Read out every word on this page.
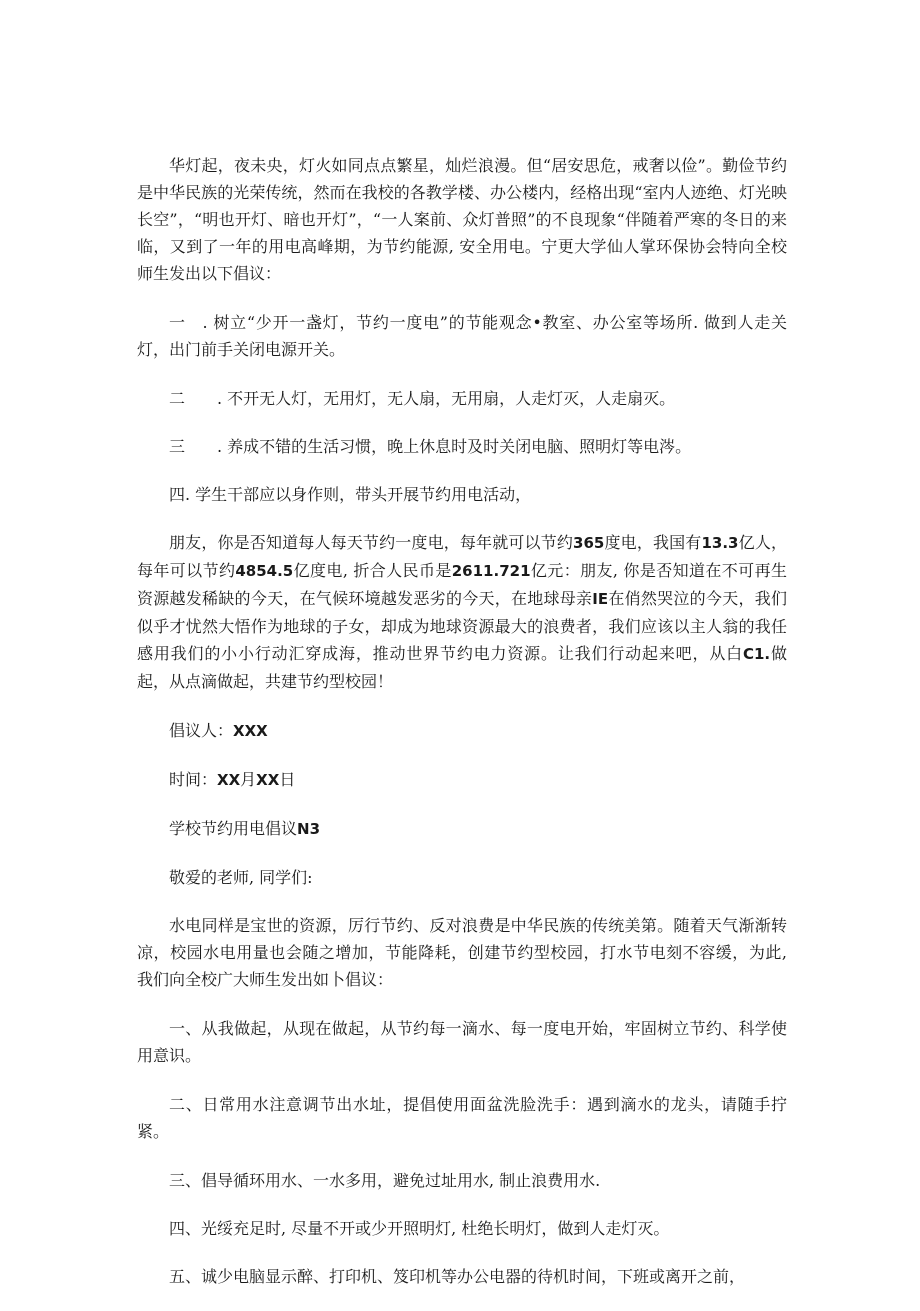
华灯起，夜未央，灯火如同点点繁星，灿烂浪漫。但“居安思危，戒奢以俭”。勤俭节约是中华民族的光荣传统，然而在我校的各教学楼、办公楼内，经格出现“室内人迹绝、灯光映长空”，“明也开灯、暗也开灯”，“一人案前、众灯普照”的不良现象“伴随着严寒的冬日的来临，又到了一年的用电高峰期，为节约能源, 安全用电。宁更大学仙人掌环保协会特向全校师生发出以下倡议：

一　. 树立“少开一盏灯，节约一度电”的节能观念•教室、办公室等场所. 做到人走关灯，出门前手关闭电源开关。

二　　. 不开无人灯，无用灯，无人扇，无用扇，人走灯灭，人走扇灭。

三　　. 养成不错的生活习惯，晚上休息时及时关闭电脑、照明灯等电涔。

四. 学生干部应以身作则，带头开展节约用电活动，

朋友，你是否知道每人每天节约一度电，每年就可以节约365度电，我国有13.3亿人，每年可以节约4854.5亿度电, 折合人民币是2611.721亿元：朋友, 你是否知道在不可再生资源越发稀缺的今天，在气候环境越发恶劣的今天，在地球母亲IE在俏然哭泣的今天，我们似乎才忧然大悟作为地球的子女，却成为地球资源最大的浪费者，我们应该以主人翁的我任感用我们的小小行动汇穿成海，推动世界节约电力资源。让我们行动起来吧，从白C1.做起，从点滴做起，共建节约型校园！

倡议人：XXX

时间：XX月XX日

学校节约用电倡议N3

敬爱的老师, 同学们:

水电同样是宝世的资源，厉行节约、反对浪费是中华民族的传统美第。随着天气渐渐转凉，校园水电用量也会随之增加，节能降耗，创建节约型校园，打水节电刻不容缓，为此, 我们向全校广大师生发出如卜倡议：

一、从我做起，从现在做起，从节约每一滴水、每一度电开始，牢固树立节约、科学使用意识。

二、日常用水注意调节出水址，提倡使用面盆洗脸洗手：遇到滴水的龙头，请随手拧紧。

三、倡导循环用水、一水多用，避免过址用水, 制止浪费用水.

四、光绥充足时, 尽量不开或少开照明灯, 杜绝长明灯，做到人走灯灭。

五、诚少电脑显示醉、打印机、笈印机等办公电器的待机时间，下班或离开之前，
